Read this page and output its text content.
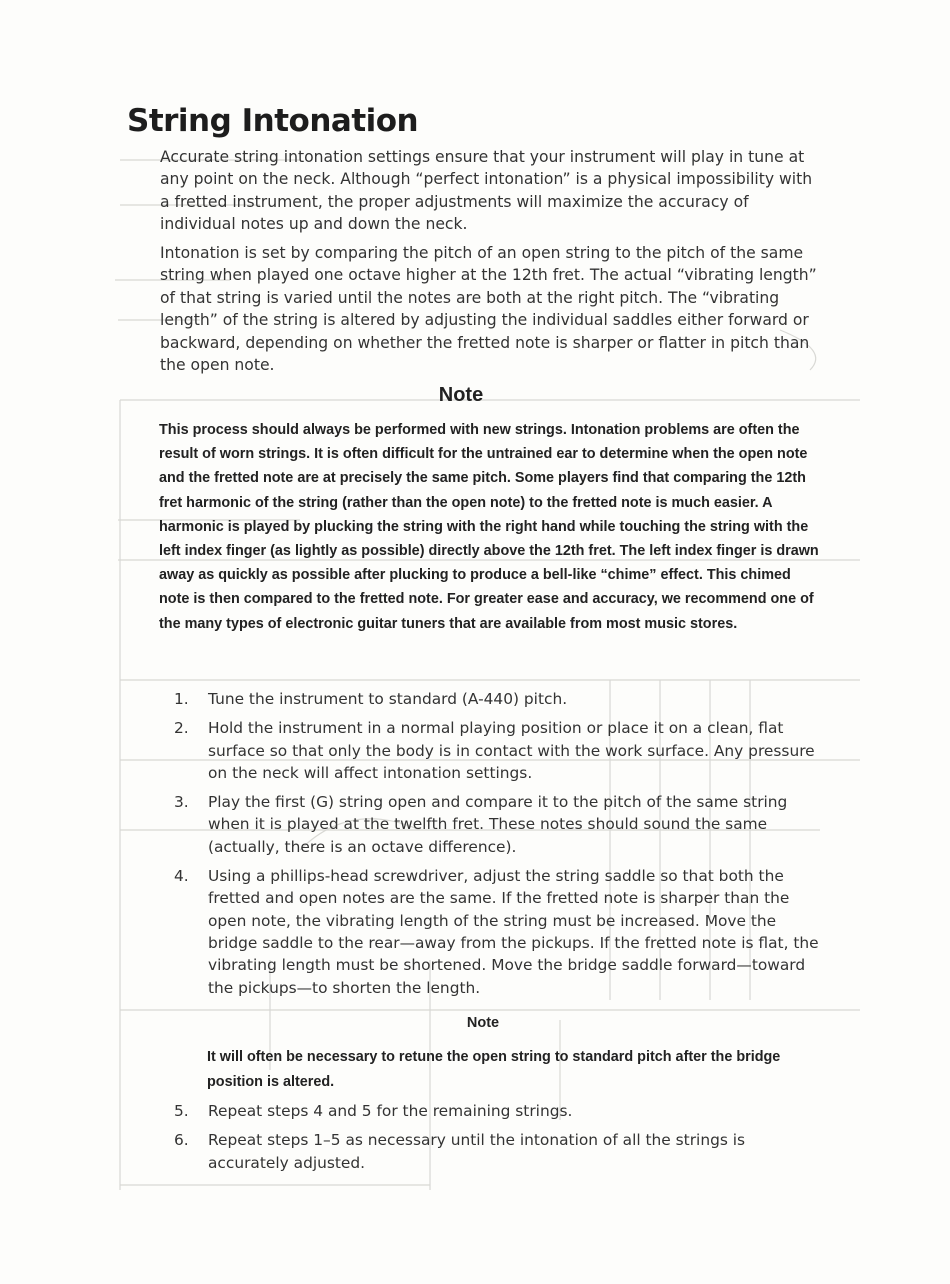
String Intonation

Accurate string intonation settings ensure that your instrument will play in tune at any point on the neck. Although “perfect intonation” is a physical impossibility with a fretted instrument, the proper adjustments will maximize the accuracy of individual notes up and down the neck.

Intonation is set by comparing the pitch of an open string to the pitch of the same string when played one octave higher at the 12th fret. The actual “vibrating length” of that string is varied until the notes are both at the right pitch. The “vibrating length” of the string is altered by adjusting the individual saddles either forward or backward, depending on whether the fretted note is sharper or flatter in pitch than the open note.

Note

This process should always be performed with new strings. Intonation problems are often the result of worn strings. It is often difficult for the untrained ear to determine when the open note and the fretted note are at precisely the same pitch. Some players find that comparing the 12th fret harmonic of the string (rather than the open note) to the fretted note is much easier. A harmonic is played by plucking the string with the right hand while touching the string with the left index finger (as lightly as possible) directly above the 12th fret. The left index finger is drawn away as quickly as possible after plucking to produce a bell-like “chime” effect. This chimed note is then compared to the fretted note. For greater ease and accuracy, we recommend one of the many types of electronic guitar tuners that are available from most music stores.

1. Tune the instrument to standard (A-440) pitch.
2. Hold the instrument in a normal playing position or place it on a clean, flat surface so that only the body is in contact with the work surface. Any pressure on the neck will affect intonation settings.
3. Play the first (G) string open and compare it to the pitch of the same string when it is played at the twelfth fret. These notes should sound the same (actually, there is an octave difference).
4. Using a phillips-head screwdriver, adjust the string saddle so that both the fretted and open notes are the same. If the fretted note is sharper than the open note, the vibrating length of the string must be increased. Move the bridge saddle to the rear—away from the pickups. If the fretted note is flat, the vibrating length must be shortened. Move the bridge saddle forward—toward the pickups—to shorten the length.
Note

It will often be necessary to retune the open string to standard pitch after the bridge position is altered.

5. Repeat steps 4 and 5 for the remaining strings.
6. Repeat steps 1–5 as necessary until the intonation of all the strings is accurately adjusted.
